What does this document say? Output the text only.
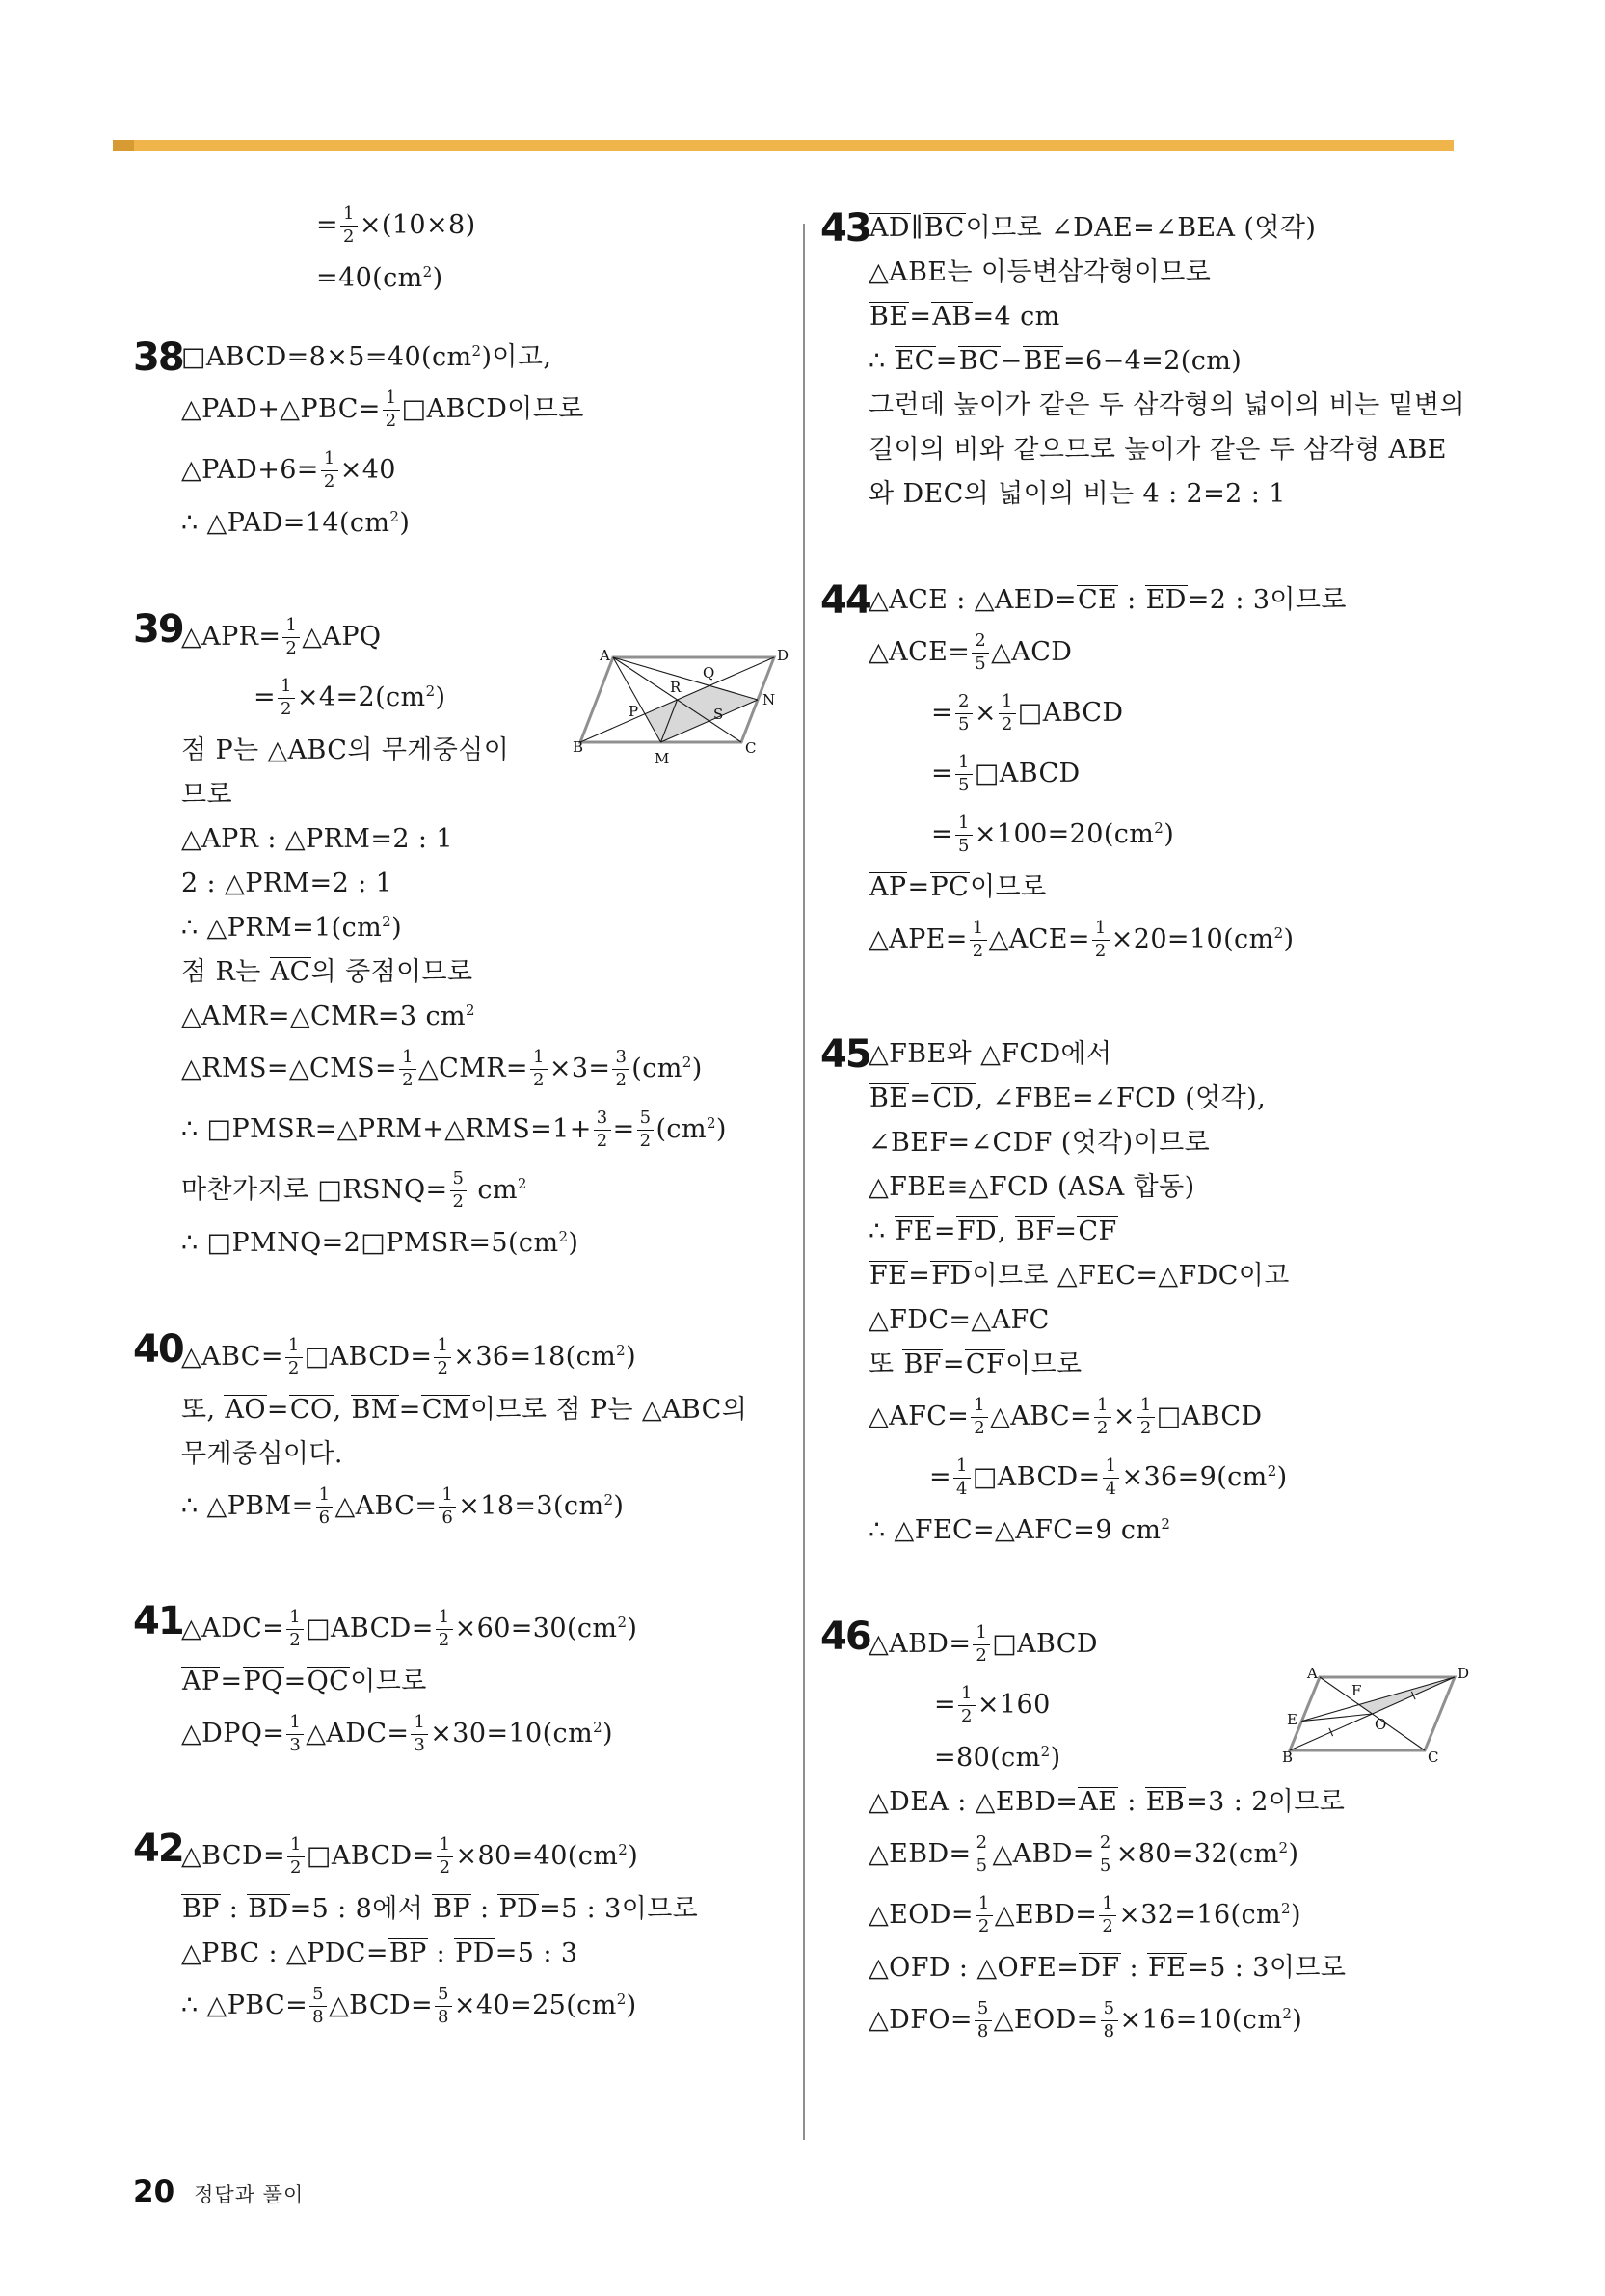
= $\frac{1}{2} \times(10\times 8)$
$=40(cm^2)$
38
$□ABCD=8\times 5=40(cm^2)$이고,
△PAD+△PBC= $\frac{1}{2}$ □ABCD이므로
△PAD+6= $\frac{1}{2} \times 40$
∴ $\triangle PAD=14(cm^2)$
39
△APR= $\frac{1}{2}$ △APQ
= $\frac{1}{2} \times 4=2(cm^2)$
점 P는 △ABC의 무게중심이
므로
△APR : △PRM=2 : 1
2 : △PRM=2 : 1
∴ $\triangle PRM=1(cm^2)$
점 R는 AC의 중점이므로
△AMR=△CMR=3 $cm^2$
△RMS=△CMS= $\frac{1}{2}$ △CMR= $\frac{1}{2} \times 3= \frac{3}{2} (cm^2)$
∴ □PMSR=△PRM+△RMS=1+ $\frac{3}{2} = \frac{5}{2} (cm^2)$
마찬가지로 □RSNQ= $\frac{5}{2} cm^2$
∴ $□PMNQ=2□PMSR=5(cm^2)$
40
△ABC= $\frac{1}{2}$ □ABCD= $\frac{1}{2} \times 36=18(cm^2)$
또, AO=CO, BM=CM이므로 점 P는 △ABC의
무게중심이다.
∴ △PBM= $\frac{1}{6}$ △ABC= $\frac{1}{6} \times 18=3(cm^2)$
41
△ADC= $\frac{1}{2}$ □ABCD= $\frac{1}{2} \times 60=30(cm^2)$
AP=PQ=QC이므로
△DPQ= $\frac{1}{3}$ △ADC= $\frac{1}{3} \times 30=10(cm^2)$
42
△BCD= $\frac{1}{2}$ □ABCD= $\frac{1}{2} \times 80=40(cm^2)$
BP : BD=5 : 8에서 BP : PD=5 : 3이므로
△PBC : △PDC=BP : PD=5 : 3
∴ △PBC= $\frac{5}{8}$ △BCD= $\frac{5}{8} \times 40=25(cm^2)$
43 AD∥BC이므로 ∠DAE=∠BEA (엇각)
△ABE는 이등변삼각형이므로
BE=AB=4 cm
∴ EC=BC−BE=6−4=2(cm)
그런데 높이가 같은 두 삼각형의 넓이의 비는 밑변의
길이의 비와 같으므로 높이가 같은 두 삼각형 ABE
와 DEC의 넓이의 비는 4 : 2=2 : 1
44
△ACE : △AED=CE : ED=2 : 3이므로
△ACE= $\frac{2}{5}$ △ACD
= $\frac{2}{5} \times \frac{1}{2}$ □ABCD
= $\frac{1}{5}$ □ABCD
= $\frac{1}{5} \times 100=20(cm^2)$
AP=PC이므로
△APE= $\frac{1}{2}$ △ACE= $\frac{1}{2} \times 20=10(cm^2)$
45
△FBE와 △FCD에서
BE=CD, ∠FBE=∠FCD (엇각),
∠BEF=∠CDF (엇각)이므로
△FBE≡△FCD (ASA 합동)
∴ FE=FD, BF=CF
FE=FD이므로 △FEC=△FDC이고
△FDC=△AFC
또 BF=CF이므로
△AFC= $\frac{1}{2}$ △ABC= $\frac{1}{2} \times \frac{1}{2}$ □ABCD
= $\frac{1}{4}$ □ABCD= $\frac{1}{4} \times 36=9(cm^2)$
∴ △FEC=△AFC=9 $cm^2$
46
△ABD= $\frac{1}{2}$ □ABCD
= $\frac{1}{2} \times 160$
$=80(cm^2)$
△DEA : △EBD=AE : EB=3 : 2이므로
△EBD= $\frac{2}{5}$ △ABD= $\frac{2}{5} \times 80=32(cm^2)$
△EOD= $\frac{1}{2}$ △EBD= $\frac{1}{2} \times 32=16(cm^2)$
△OFD : △OFE=DF : FE=5 : 3이므로
△DFO= $\frac{5}{8}$ △EOD= $\frac{5}{8} \times 16=10(cm^2)$
A	D
B	C
M
N
P
Q
R
S
A	D
B	C
E
F
O
20 정답과 풀이
